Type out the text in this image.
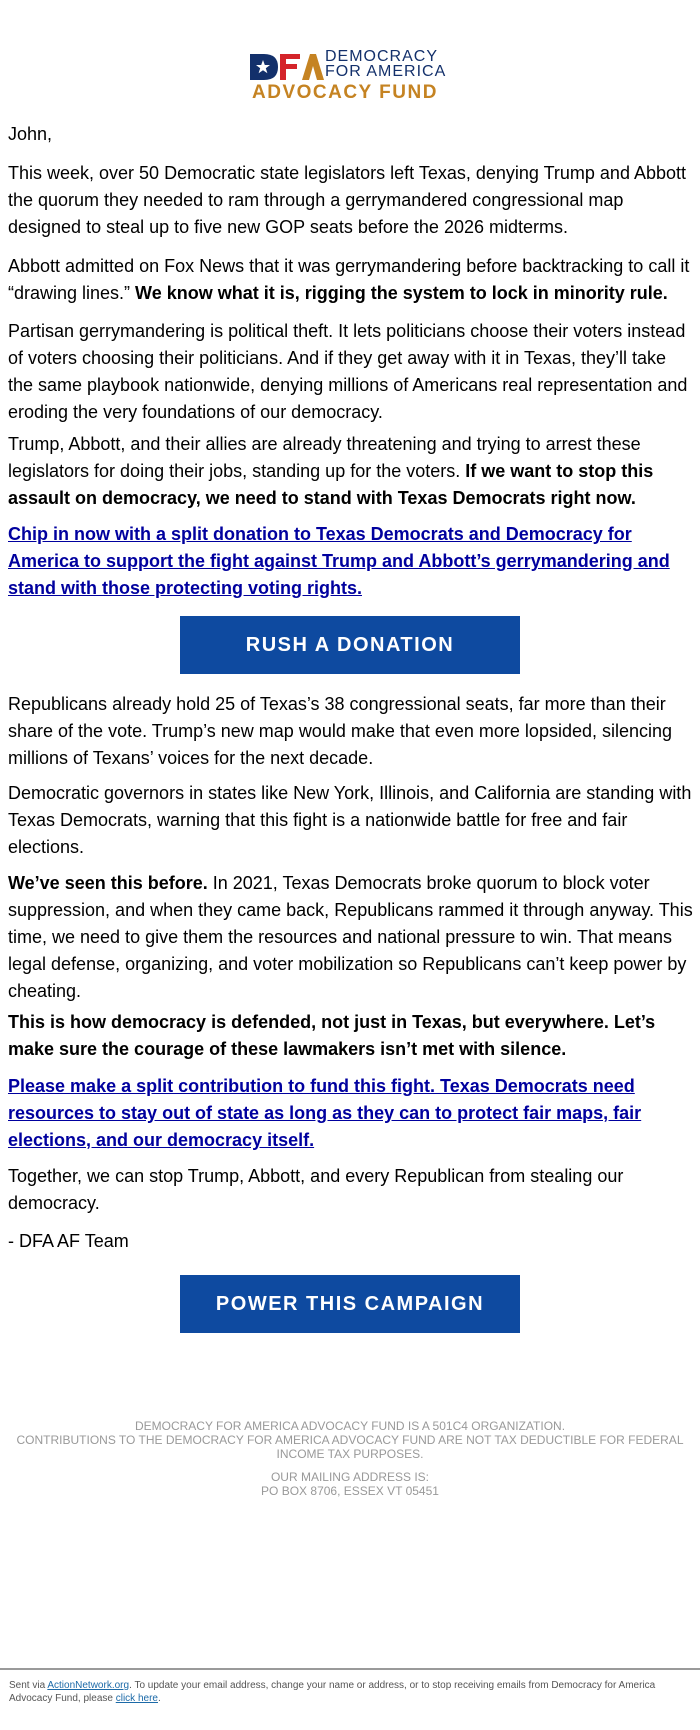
DEMOCRACY
FOR AMERICA
ADVOCACY FUND

John,

This week, over 50 Democratic state legislators left Texas, denying Trump and Abbott the quorum they needed to ram through a gerrymandered congressional map designed to steal up to five new GOP seats before the 2026 midterms.

Abbott admitted on Fox News that it was gerrymandering before backtracking to call it “drawing lines.” We know what it is, rigging the system to lock in minority rule.

Partisan gerrymandering is political theft. It lets politicians choose their voters instead of voters choosing their politicians. And if they get away with it in Texas, they’ll take the same playbook nationwide, denying millions of Americans real representation and eroding the very foundations of our democracy.

Trump, Abbott, and their allies are already threatening and trying to arrest these legislators for doing their jobs, standing up for the voters. If we want to stop this assault on democracy, we need to stand with Texas Democrats right now.

Chip in now with a split donation to Texas Democrats and Democracy for America to support the fight against Trump and Abbott’s gerrymandering and stand with those protecting voting rights.

RUSH A DONATION

Republicans already hold 25 of Texas’s 38 congressional seats, far more than their share of the vote. Trump’s new map would make that even more lopsided, silencing millions of Texans’ voices for the next decade.

Democratic governors in states like New York, Illinois, and California are standing with Texas Democrats, warning that this fight is a nationwide battle for free and fair elections.

We’ve seen this before. In 2021, Texas Democrats broke quorum to block voter suppression, and when they came back, Republicans rammed it through anyway. This time, we need to give them the resources and national pressure to win. That means legal defense, organizing, and voter mobilization so Republicans can’t keep power by cheating.

This is how democracy is defended, not just in Texas, but everywhere. Let’s make sure the courage of these lawmakers isn’t met with silence.

Please make a split contribution to fund this fight. Texas Democrats need resources to stay out of state as long as they can to protect fair maps, fair elections, and our democracy itself.

Together, we can stop Trump, Abbott, and every Republican from stealing our democracy.

- DFA AF Team

POWER THIS CAMPAIGN
DEMOCRACY FOR AMERICA ADVOCACY FUND IS A 501C4 ORGANIZATION.
CONTRIBUTIONS TO THE DEMOCRACY FOR AMERICA ADVOCACY FUND ARE NOT TAX DEDUCTIBLE FOR FEDERAL INCOME TAX PURPOSES.
OUR MAILING ADDRESS IS:
PO BOX 8706, ESSEX VT 05451
Sent via ActionNetwork.org. To update your email address, change your name or address, or to stop receiving emails from Democracy for America Advocacy Fund, please click here.
